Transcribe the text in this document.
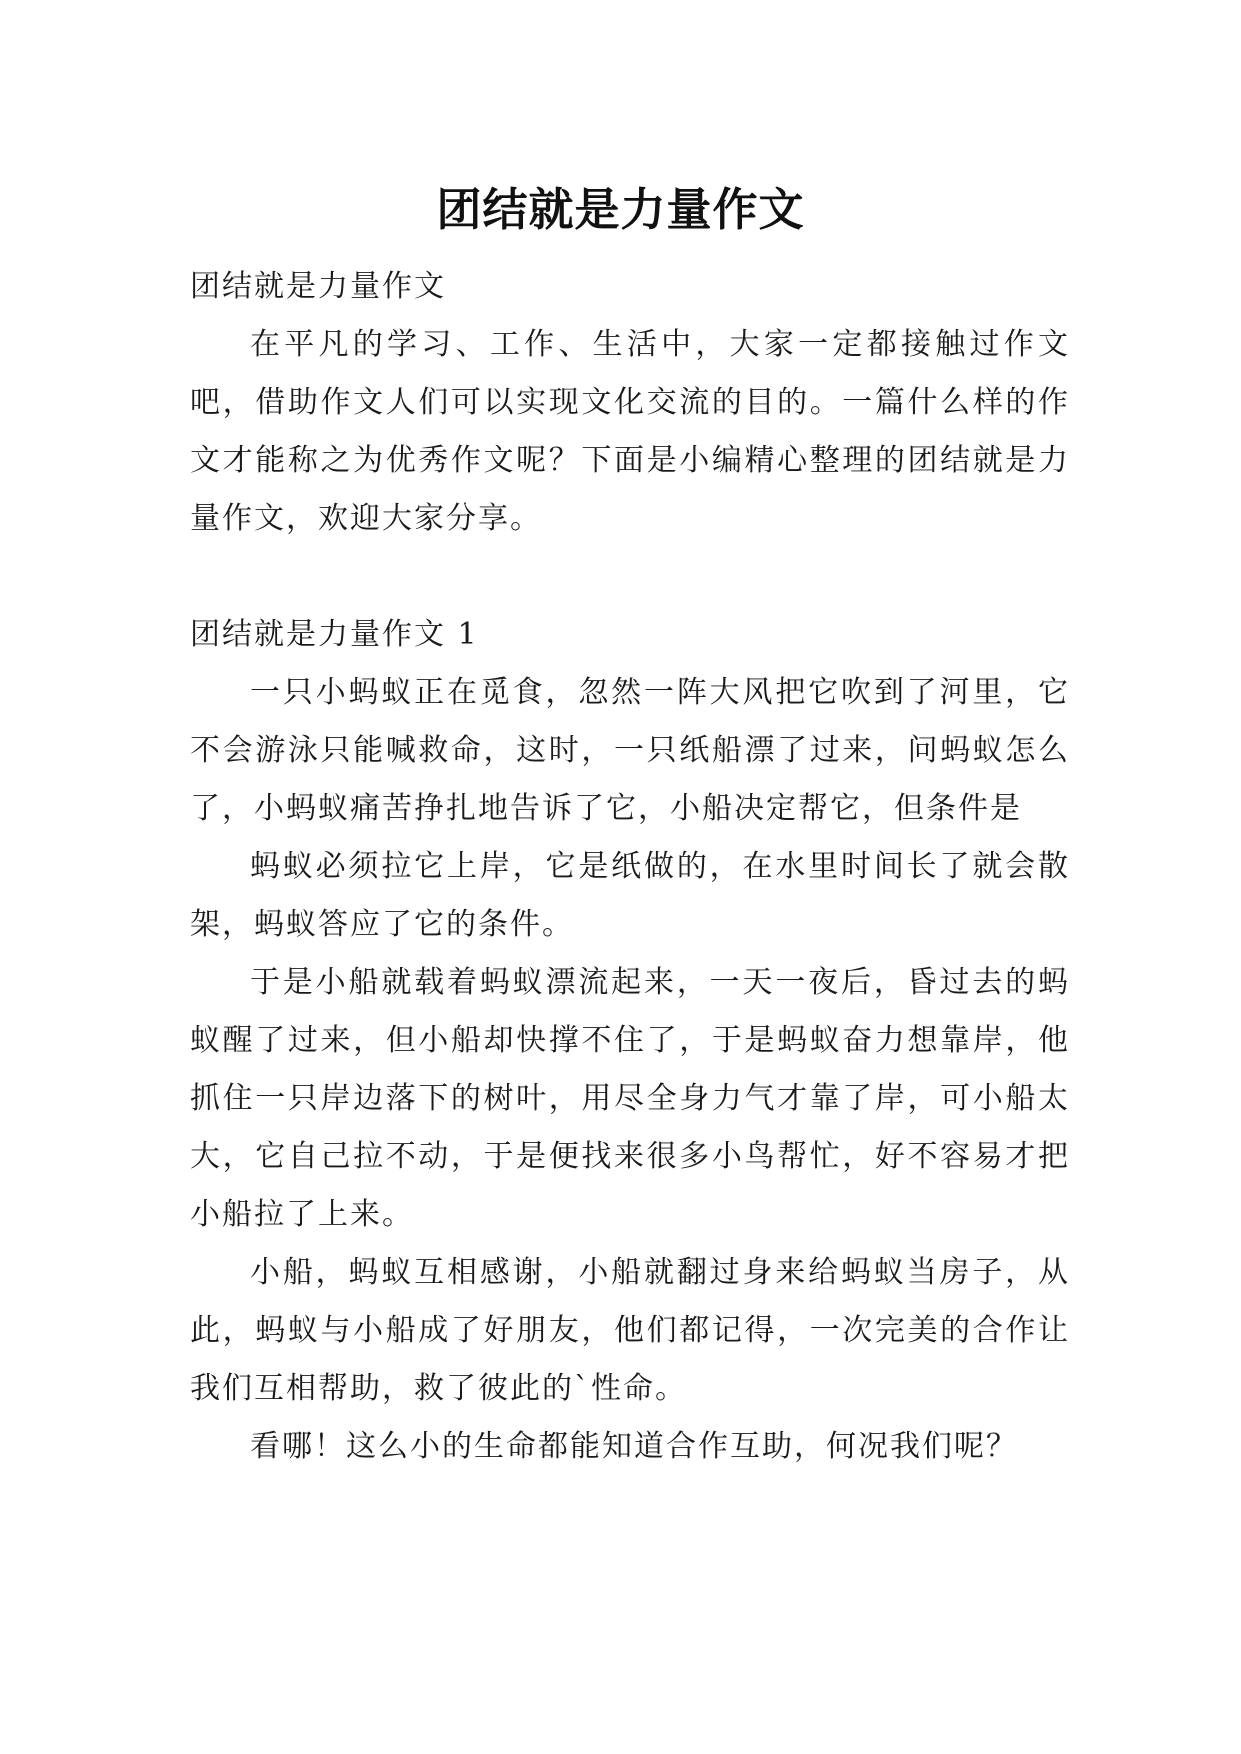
团结就是力量作文

团结就是力量作文

在平凡的学习、工作、生活中，大家一定都接触过作文吧，借助作文人们可以实现文化交流的目的。一篇什么样的作文才能称之为优秀作文呢？下面是小编精心整理的团结就是力量作文，欢迎大家分享。

团结就是力量作文 1

一只小蚂蚁正在觅食，忽然一阵大风把它吹到了河里，它不会游泳只能喊救命，这时，一只纸船漂了过来，问蚂蚁怎么了，小蚂蚁痛苦挣扎地告诉了它，小船决定帮它，但条件是

蚂蚁必须拉它上岸，它是纸做的，在水里时间长了就会散架，蚂蚁答应了它的条件。

于是小船就载着蚂蚁漂流起来，一天一夜后，昏过去的蚂蚁醒了过来，但小船却快撑不住了，于是蚂蚁奋力想靠岸，他抓住一只岸边落下的树叶，用尽全身力气才靠了岸，可小船太大，它自己拉不动，于是便找来很多小鸟帮忙，好不容易才把小船拉了上来。

小船，蚂蚁互相感谢，小船就翻过身来给蚂蚁当房子，从此，蚂蚁与小船成了好朋友，他们都记得，一次完美的合作让我们互相帮助，救了彼此的`性命。

看哪！这么小的生命都能知道合作互助，何况我们呢？
